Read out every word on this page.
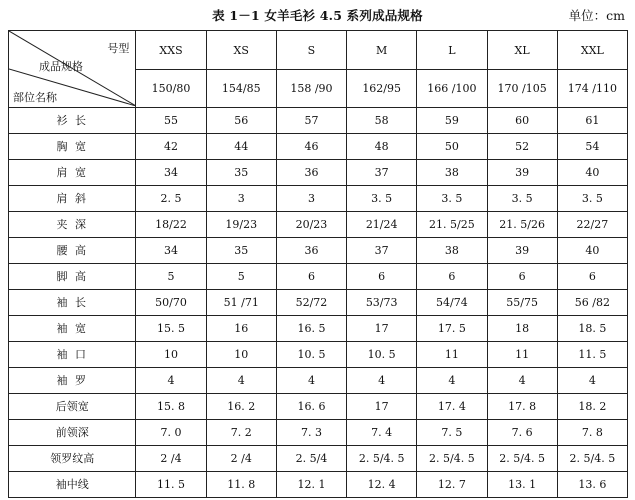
表 1－1 女羊毛衫 4.5 系列成品规格	单位：cm
号型
成品规格
部位名称	XXS	XS	S	M	L	XL	XXL
	150/80	154/85	158 /90	162/95	166 /100	170 /105	174 /110
衫 长	55	56	57	58	59	60	61
胸 宽	42	44	46	48	50	52	54
肩 宽	34	35	36	37	38	39	40
肩 斜	2. 5	3	3	3. 5	3. 5	3. 5	3. 5
夹 深	18/22	19/23	20/23	21/24	21. 5/25	21. 5/26	22/27
腰 高	34	35	36	37	38	39	40
脚 高	5	5	6	6	6	6	6
袖 长	50/70	51 /71	52/72	53/73	54/74	55/75	56 /82
袖 宽	15. 5	16	16. 5	17	17. 5	18	18. 5
袖 口	10	10	10. 5	10. 5	11	11	11. 5
袖 罗	4	4	4	4	4	4	4
后领宽	15. 8	16. 2	16. 6	17	17. 4	17. 8	18. 2
前领深	7. 0	7. 2	7. 3	7. 4	7. 5	7. 6	7. 8
领罗纹高	2 /4	2 /4	2. 5/4	2. 5/4. 5	2. 5/4. 5	2. 5/4. 5	2. 5/4. 5
袖中线	11. 5	11. 8	12. 1	12. 4	12. 7	13. 1	13. 6
